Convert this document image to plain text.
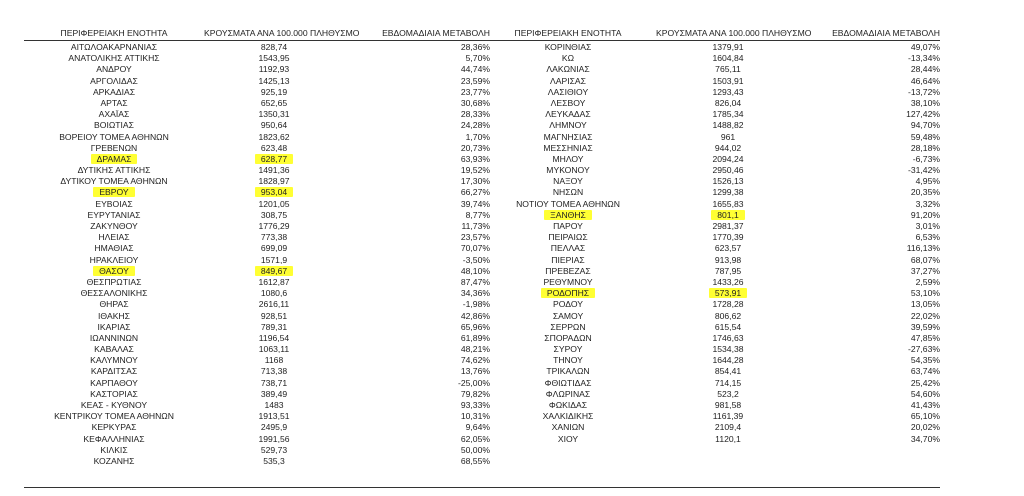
ΠΕΡΙΦΕΡΕΙΑΚΗ ΕΝΟΤΗΤΑ	ΚΡΟΥΣΜΑΤΑ ΑΝΑ 100.000 ΠΛΗΘΥΣΜΟ	ΕΒΔΟΜΑΔΙΑΙΑ ΜΕΤΑΒΟΛΗ
ΑΙΤΩΛΟΑΚΑΡΝΑΝΙΑΣ	828,74	28,36%
ΑΝΑΤΟΛΙΚΗΣ ΑΤΤΙΚΗΣ	1543,95	5,70%
ΑΝΔΡΟΥ	1192,93	44,74%
ΑΡΓΟΛΙΔΑΣ	1425,13	23,59%
ΑΡΚΑΔΙΑΣ	925,19	23,77%
ΑΡΤΑΣ	652,65	30,68%
ΑΧΑΪΑΣ	1350,31	28,33%
ΒΟΙΩΤΙΑΣ	950,64	24,28%
ΒΟΡΕΙΟΥ ΤΟΜΕΑ ΑΘΗΝΩΝ	1823,62	1,70%
ΓΡΕΒΕΝΩΝ	623,48	20,73%
ΔΡΑΜΑΣ	628,77	63,93%
ΔΥΤΙΚΗΣ ΑΤΤΙΚΗΣ	1491,36	19,52%
ΔΥΤΙΚΟΥ ΤΟΜΕΑ ΑΘΗΝΩΝ	1828,97	17,30%
ΕΒΡΟΥ	953,04	66,27%
ΕΥΒΟΙΑΣ	1201,05	39,74%
ΕΥΡΥΤΑΝΙΑΣ	308,75	8,77%
ΖΑΚΥΝΘΟΥ	1776,29	11,73%
ΗΛΕΙΑΣ	773,38	23,57%
ΗΜΑΘΙΑΣ	699,09	70,07%
ΗΡΑΚΛΕΙΟΥ	1571,9	-3,50%
ΘΑΣΟΥ	849,67	48,10%
ΘΕΣΠΡΩΤΙΑΣ	1612,87	87,47%
ΘΕΣΣΑΛΟΝΙΚΗΣ	1080,6	34,36%
ΘΗΡΑΣ	2616,11	-1,98%
ΙΘΑΚΗΣ	928,51	42,86%
ΙΚΑΡΙΑΣ	789,31	65,96%
ΙΩΑΝΝΙΝΩΝ	1196,54	61,89%
ΚΑΒΑΛΑΣ	1063,11	48,21%
ΚΑΛΥΜΝΟΥ	1168	74,62%
ΚΑΡΔΙΤΣΑΣ	713,38	13,76%
ΚΑΡΠΑΘΟΥ	738,71	-25,00%
ΚΑΣΤΟΡΙΑΣ	389,49	79,82%
ΚΕΑΣ - ΚΥΘΝΟΥ	1483	93,33%
ΚΕΝΤΡΙΚΟΥ ΤΟΜΕΑ ΑΘΗΝΩΝ	1913,51	10,31%
ΚΕΡΚΥΡΑΣ	2495,9	9,64%
ΚΕΦΑΛΛΗΝΙΑΣ	1991,56	62,05%
ΚΙΛΚΙΣ	529,73	50,00%
ΚΟΖΑΝΗΣ	535,3	68,55%
ΠΕΡΙΦΕΡΕΙΑΚΗ ΕΝΟΤΗΤΑ	ΚΡΟΥΣΜΑΤΑ ΑΝΑ 100.000 ΠΛΗΘΥΣΜΟ	ΕΒΔΟΜΑΔΙΑΙΑ ΜΕΤΑΒΟΛΗ
ΚΟΡΙΝΘΙΑΣ	1379,91	49,07%
ΚΩ	1604,84	-13,34%
ΛΑΚΩΝΙΑΣ	765,11	28,44%
ΛΑΡΙΣΑΣ	1503,91	46,64%
ΛΑΣΙΘΙΟΥ	1293,43	-13,72%
ΛΕΣΒΟΥ	826,04	38,10%
ΛΕΥΚΑΔΑΣ	1785,34	127,42%
ΛΗΜΝΟΥ	1488,82	94,70%
ΜΑΓΝΗΣΙΑΣ	961	59,48%
ΜΕΣΣΗΝΙΑΣ	944,02	28,18%
ΜΗΛΟΥ	2094,24	-6,73%
ΜΥΚΟΝΟΥ	2950,46	-31,42%
ΝΑΞΟΥ	1526,13	4,95%
ΝΗΣΩΝ	1299,38	20,35%
ΝΟΤΙΟΥ ΤΟΜΕΑ ΑΘΗΝΩΝ	1655,83	3,32%
ΞΑΝΘΗΣ	801,1	91,20%
ΠΑΡΟΥ	2981,37	3,01%
ΠΕΙΡΑΙΩΣ	1770,39	6,53%
ΠΕΛΛΑΣ	623,57	116,13%
ΠΙΕΡΙΑΣ	913,98	68,07%
ΠΡΕΒΕΖΑΣ	787,95	37,27%
ΡΕΘΥΜΝΟΥ	1433,26	2,59%
ΡΟΔΟΠΗΣ	573,91	53,10%
ΡΟΔΟΥ	1728,28	13,05%
ΣΑΜΟΥ	806,62	22,02%
ΣΕΡΡΩΝ	615,54	39,59%
ΣΠΟΡΑΔΩΝ	1746,63	47,85%
ΣΥΡΟΥ	1534,38	-27,63%
ΤΗΝΟΥ	1644,28	54,35%
ΤΡΙΚΑΛΩΝ	854,41	63,74%
ΦΘΙΩΤΙΔΑΣ	714,15	25,42%
ΦΛΩΡΙΝΑΣ	523,2	54,60%
ΦΩΚΙΔΑΣ	981,58	41,43%
ΧΑΛΚΙΔΙΚΗΣ	1161,39	65,10%
ΧΑΝΙΩΝ	2109,4	20,02%
ΧΙΟΥ	1120,1	34,70%
